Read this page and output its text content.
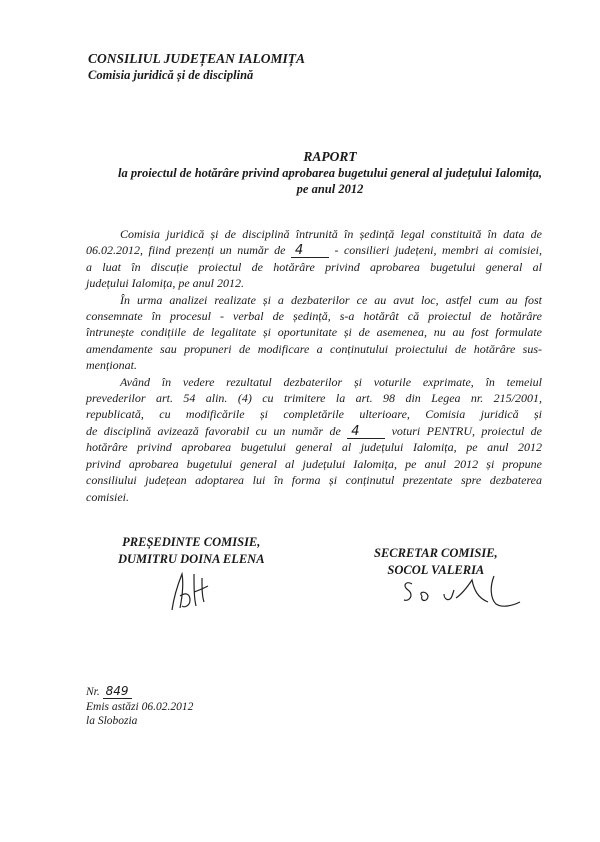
CONSILIUL JUDEȚEAN IALOMIȚA
Comisia juridică și de disciplină
RAPORT
la proiectul de hotărâre privind aprobarea bugetului general al județului Ialomița,
pe anul 2012

Comisia juridică și de disciplină întrunită în ședință legal constituită în data de
06.02.2012, fiind prezenți un număr de 4	- consilieri județeni, membri ai comisiei,
a luat în discuție proiectul de hotărâre privind aprobarea bugetului general al
județului Ialomița, pe anul 2012.

În urma analizei realizate și a dezbaterilor ce au avut loc, astfel cum au fost
consemnate în procesul - verbal de ședință, s-a hotărât că proiectul de hotărâre
întrunește condițiile de legalitate și oportunitate și de asemenea, nu au fost formulate
amendamente sau propuneri de modificare a conținutului proiectului de hotărâre sus-
menționat.

Având în vedere rezultatul dezbaterilor și voturile exprimate, în temeiul
prevederilor art. 54 alin. (4) cu trimitere la art. 98 din Legea nr. 215/2001,
republicată, cu modificările și completările ulterioare, Comisia juridică și
de disciplină avizează favorabil cu un număr de 4	voturi PENTRU, proiectul de
hotărâre privind aprobarea bugetului general al județului Ialomița, pe anul 2012
privind aprobarea bugetului general al județului Ialomița, pe anul 2012 și propune
consiliului județean adoptarea lui în forma și conținutul prezentate spre dezbaterea
comisiei.

PREȘEDINTE COMISIE,
DUMITRU DOINA ELENA	SECRETAR COMISIE,
SOCOL VALERIA
Nr. 849
Emis astăzi 06.02.2012
la Slobozia
